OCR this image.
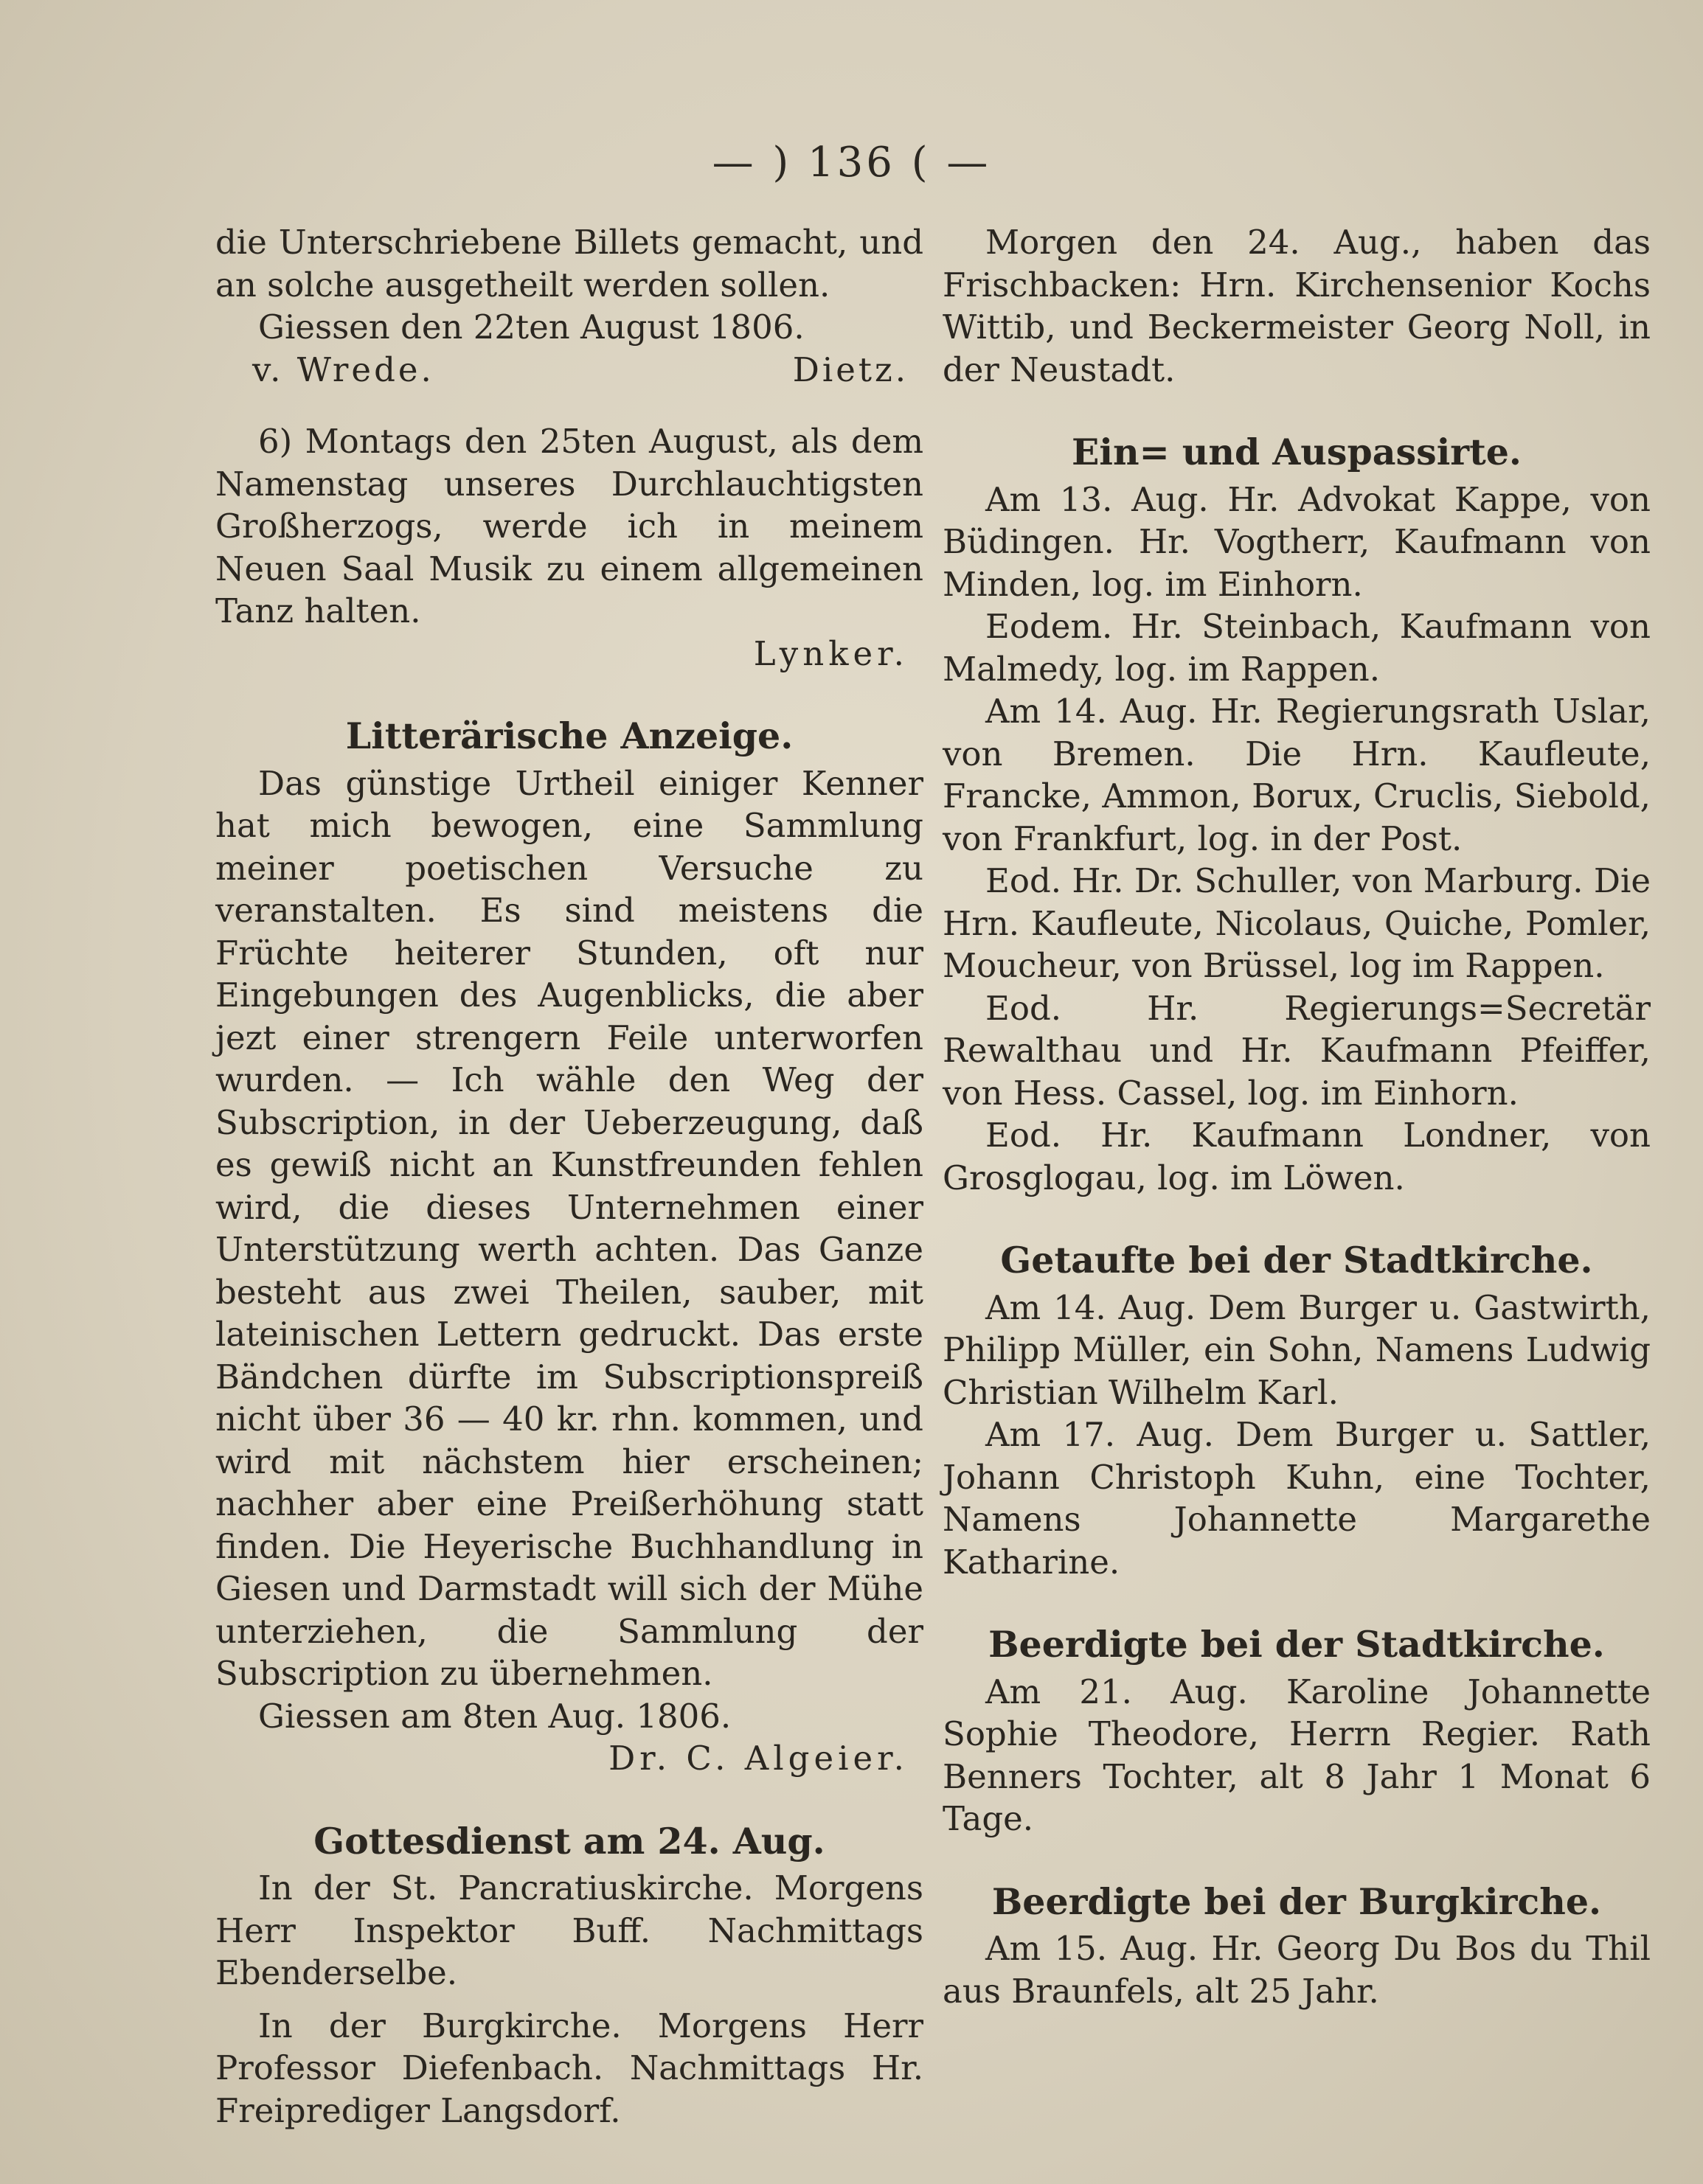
— ) 136 ( —

die Unterschriebene Billets gemacht, und an solche ausgetheilt werden sollen.

Giessen den 22ten August 1806.

v. Wrede.	Dietz.

6) Montags den 25ten August, als dem Namenstag unseres Durchlauchtigsten Großherzogs, werde ich in meinem Neuen Saal Musik zu einem allgemeinen Tanz halten.

Lynker.

Litterärische Anzeige.

Das günstige Urtheil einiger Kenner hat mich bewogen, eine Sammlung meiner poetischen Versuche zu veranstalten. Es sind meistens die Früchte heiterer Stunden, oft nur Eingebungen des Augenblicks, die aber jezt einer strengern Feile unterworfen wurden. — Ich wähle den Weg der Subscription, in der Ueberzeugung, daß es gewiß nicht an Kunstfreunden fehlen wird, die dieses Unternehmen einer Unterstützung werth achten. Das Ganze besteht aus zwei Theilen, sauber, mit lateinischen Lettern gedruckt. Das erste Bändchen dürfte im Subscriptionspreiß nicht über 36 — 40 kr. rhn. kommen, und wird mit nächstem hier erscheinen; nachher aber eine Preißerhöhung statt finden. Die Heyerische Buchhandlung in Giesen und Darmstadt will sich der Mühe unterziehen, die Sammlung der Subscription zu übernehmen.

Giessen am 8ten Aug. 1806.

Dr. C. Algeier.

Gottesdienst am 24. Aug.

In der St. Pancratiuskirche. Morgens Herr Inspektor Buff. Nachmittags Ebenderselbe.

In der Burgkirche. Morgens Herr Professor Diefenbach. Nachmittags Hr. Freiprediger Langsdorf.

Morgen den 24. Aug., haben das Frischbacken: Hrn. Kirchensenior Kochs Wittib, und Beckermeister Georg Noll, in der Neustadt.

Ein= und Auspassirte.

Am 13. Aug. Hr. Advokat Kappe, von Büdingen. Hr. Vogtherr, Kaufmann von Minden, log. im Einhorn.

Eodem. Hr. Steinbach, Kaufmann von Malmedy, log. im Rappen.

Am 14. Aug. Hr. Regierungsrath Uslar, von Bremen. Die Hrn. Kaufleute, Francke, Ammon, Borux, Cruclis, Siebold, von Frankfurt, log. in der Post.

Eod. Hr. Dr. Schuller, von Marburg. Die Hrn. Kaufleute, Nicolaus, Quiche, Pomler, Moucheur, von Brüssel, log im Rappen.

Eod. Hr. Regierungs=Secretär Rewalthau und Hr. Kaufmann Pfeiffer, von Hess. Cassel, log. im Einhorn.

Eod. Hr. Kaufmann Londner, von Grosglogau, log. im Löwen.

Getaufte bei der Stadtkirche.

Am 14. Aug. Dem Burger u. Gastwirth, Philipp Müller, ein Sohn, Namens Ludwig Christian Wilhelm Karl.

Am 17. Aug. Dem Burger u. Sattler, Johann Christoph Kuhn, eine Tochter, Namens Johannette Margarethe Katharine.

Beerdigte bei der Stadtkirche.

Am 21. Aug. Karoline Johannette Sophie Theodore, Herrn Regier. Rath Benners Tochter, alt 8 Jahr 1 Monat 6 Tage.

Beerdigte bei der Burgkirche.

Am 15. Aug. Hr. Georg Du Bos du Thil aus Braunfels, alt 25 Jahr.
